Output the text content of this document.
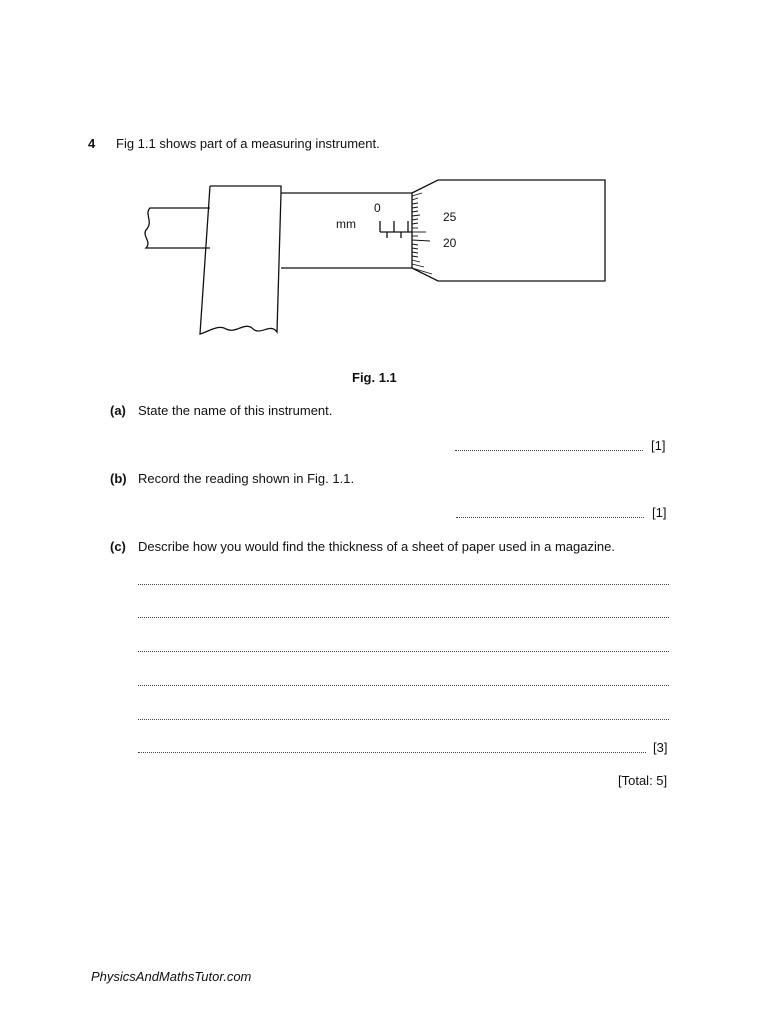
4 Fig 1.1 shows part of a measuring instrument.
mm
0
25
20
Fig. 1.1
(a) State the name of this instrument.
[1]
(b) Record the reading shown in Fig. 1.1.
[1]
(c) Describe how you would find the thickness of a sheet of paper used in a magazine.
[3]
[Total: 5]
PhysicsAndMathsTutor.com
